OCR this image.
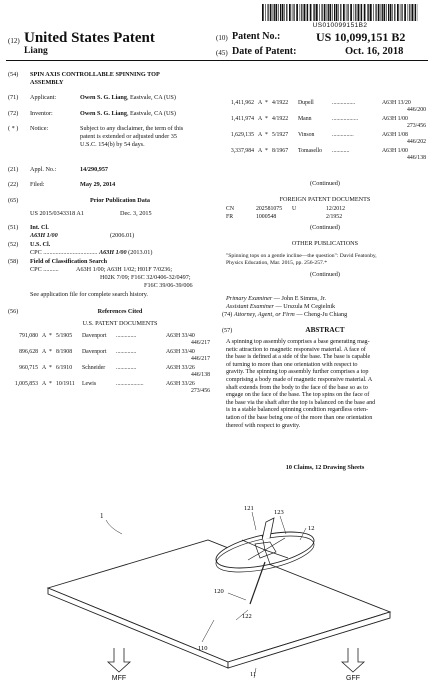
US010099151B2
(12) United States Patent
Liang
(10) Patent No.:	US 10,099,151 B2
(45) Date of Patent:	Oct. 16, 2018
(54) SPIN AXIS CONTROLLABLE SPINNING TOP
ASSEMBLY
(71) Applicant:	Owen S. G. Liang, Eastvale, CA (US)
(72) Inventor:	Owen S. G. Liang, Eastvale, CA (US)
( * ) Notice:	Subject to any disclaimer, the term of this
patent is extended or adjusted under 35
U.S.C. 154(b) by 54 days.
(21) Appl. No.:	14/290,957
(22) Filed:	May 29, 2014
(65)	Prior Publication Data
US 2015/0343318 A1	Dec. 3, 2015
(51) Int. Cl.
A63H 1/00	(2006.01)
(52) U.S. Cl.
CPC ................................... A63H 1/00 (2013.01)
(58) Field of Classification Search
CPC ..........	A63H 1/00; A63H 1/02; H01F 7/0236;
H02K 7/09; F16C 32/0406-32/0497;
F16C 39/06-39/006
See application file for complete search history.
(56)	References Cited
U.S. PATENT DOCUMENTS
791,080 A * 5/1905 Davenport ..............	A63H 33/40
446/217
896,628 A * 8/1908 Davenport ..............	A63H 33/40
446/217
960,715 A * 6/1910 Schneider ..............	A63H 33/26
446/138
1,005,853 A * 10/1911 Lewis	...................	A63H 33/26
273/456
1,411,962 A * 4/1922 Dupell	................	A63H 13/20
446/200
1,411,974 A * 4/1922 Mann	..................	A63H 1/00
273/456
1,629,135 A * 5/1927 Vinson	...............	A63H 1/08
446/202
3,337,984 A * 8/1967 Tomasello ............	A63H 1/00
446/138
(Continued)
FOREIGN PATENT DOCUMENTS
CN	202581075 U	12/2012
FR	1000548	2/1952
(Continued)
OTHER PUBLICATIONS
"Spinning tops on a gentle incline—the question": David Featonby,
Physics Education, Mar. 2015, pp. 256-257.*
(Continued)
Primary Examiner — John E Simms, Jr.
Assistant Examiner — Urszula M Cegielnik
(74) Attorney, Agent, or Firm — Cheng-Ju Chiang
(57)	ABSTRACT
A spinning top assembly comprises a base generating mag-
netic attraction to magnetic responsive material. A face of
the base is defined at a side of the base. The base is capable
of turning to more than one orientation with respect to
gravity. The spinning top assembly further comprises a top
comprising a body made of magnetic responsive material. A
shaft extends from the body to the face of the base so as to
engage on the face of the base. The top spins on the face of
the base via the shaft after the top is balanced on the base and
is in a stable balanced spinning condition regardless orien-
tation of the base being one of the more than one orientation
thereof with respect to gravity.
10 Claims, 12 Drawing Sheets
1
121
123
12
120
122
110
11
MFF	GFF
